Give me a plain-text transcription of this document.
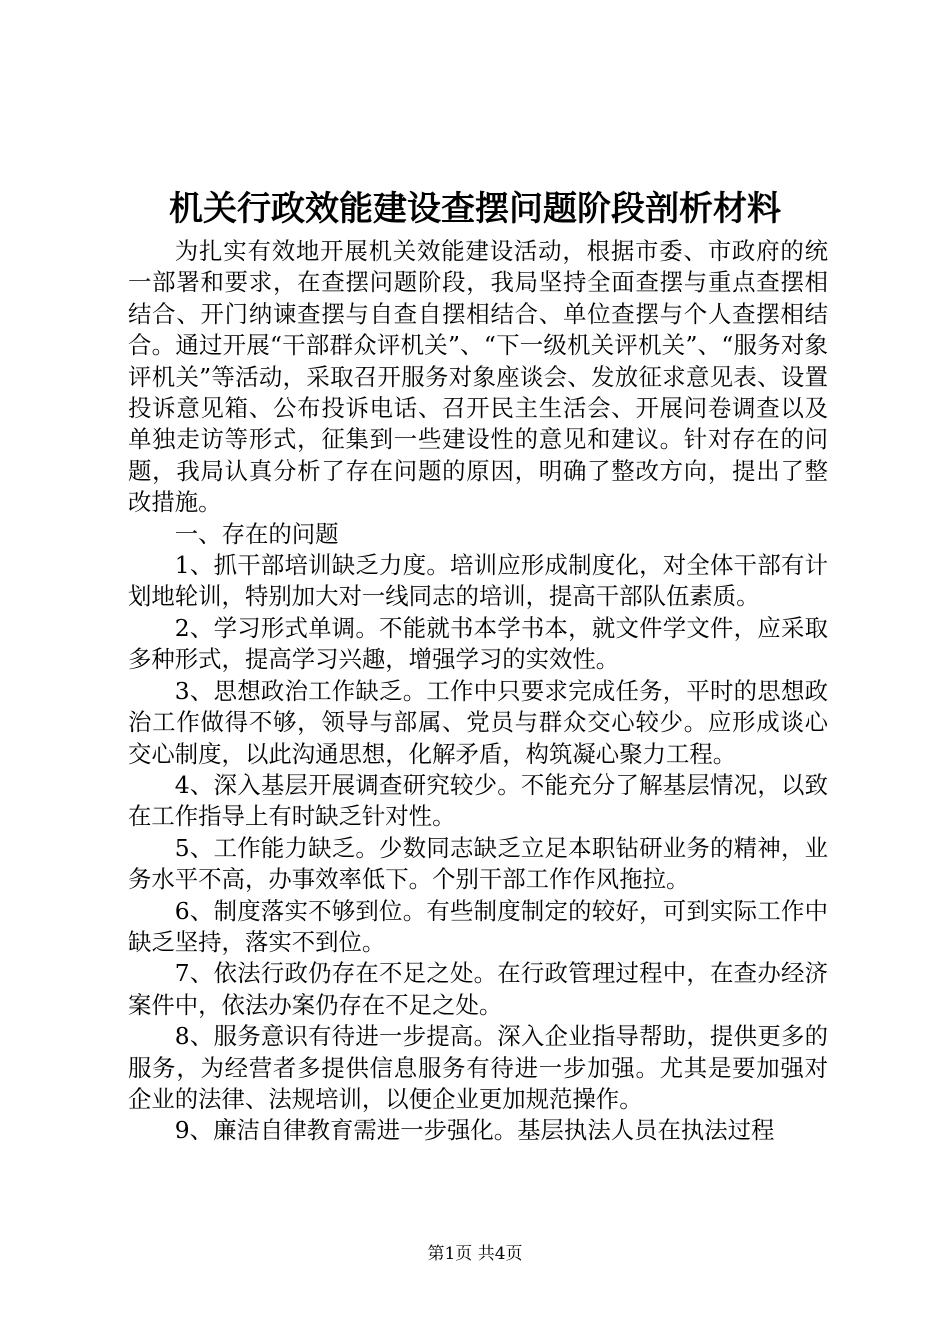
机关行政效能建设查摆问题阶段剖析材料

为扎实有效地开展机关效能建设活动，根据市委、市政府的统一部署和要求，在查摆问题阶段，我局坚持全面查摆与重点查摆相结合、开门纳谏查摆与自查自摆相结合、单位查摆与个人查摆相结合。通过开展“干部群众评机关”、“下一级机关评机关”、“服务对象评机关”等活动，采取召开服务对象座谈会、发放征求意见表、设置投诉意见箱、公布投诉电话、召开民主生活会、开展问卷调查以及单独走访等形式，征集到一些建设性的意见和建议。针对存在的问题，我局认真分析了存在问题的原因，明确了整改方向，提出了整改措施。

一、存在的问题

1、抓干部培训缺乏力度。培训应形成制度化，对全体干部有计划地轮训，特别加大对一线同志的培训，提高干部队伍素质。

2、学习形式单调。不能就书本学书本，就文件学文件，应采取多种形式，提高学习兴趣，增强学习的实效性。

3、思想政治工作缺乏。工作中只要求完成任务，平时的思想政治工作做得不够，领导与部属、党员与群众交心较少。应形成谈心交心制度，以此沟通思想，化解矛盾，构筑凝心聚力工程。

4、深入基层开展调查研究较少。不能充分了解基层情况，以致在工作指导上有时缺乏针对性。

5、工作能力缺乏。少数同志缺乏立足本职钻研业务的精神，业务水平不高，办事效率低下。个别干部工作作风拖拉。

6、制度落实不够到位。有些制度制定的较好，可到实际工作中缺乏坚持，落实不到位。

7、依法行政仍存在不足之处。在行政管理过程中，在查办经济案件中，依法办案仍存在不足之处。

8、服务意识有待进一步提高。深入企业指导帮助，提供更多的服务，为经营者多提供信息服务有待进一步加强。尤其是要加强对企业的法律、法规培训，以便企业更加规范操作。

9、廉洁自律教育需进一步强化。基层执法人员在执法过程

第1页 共4页
